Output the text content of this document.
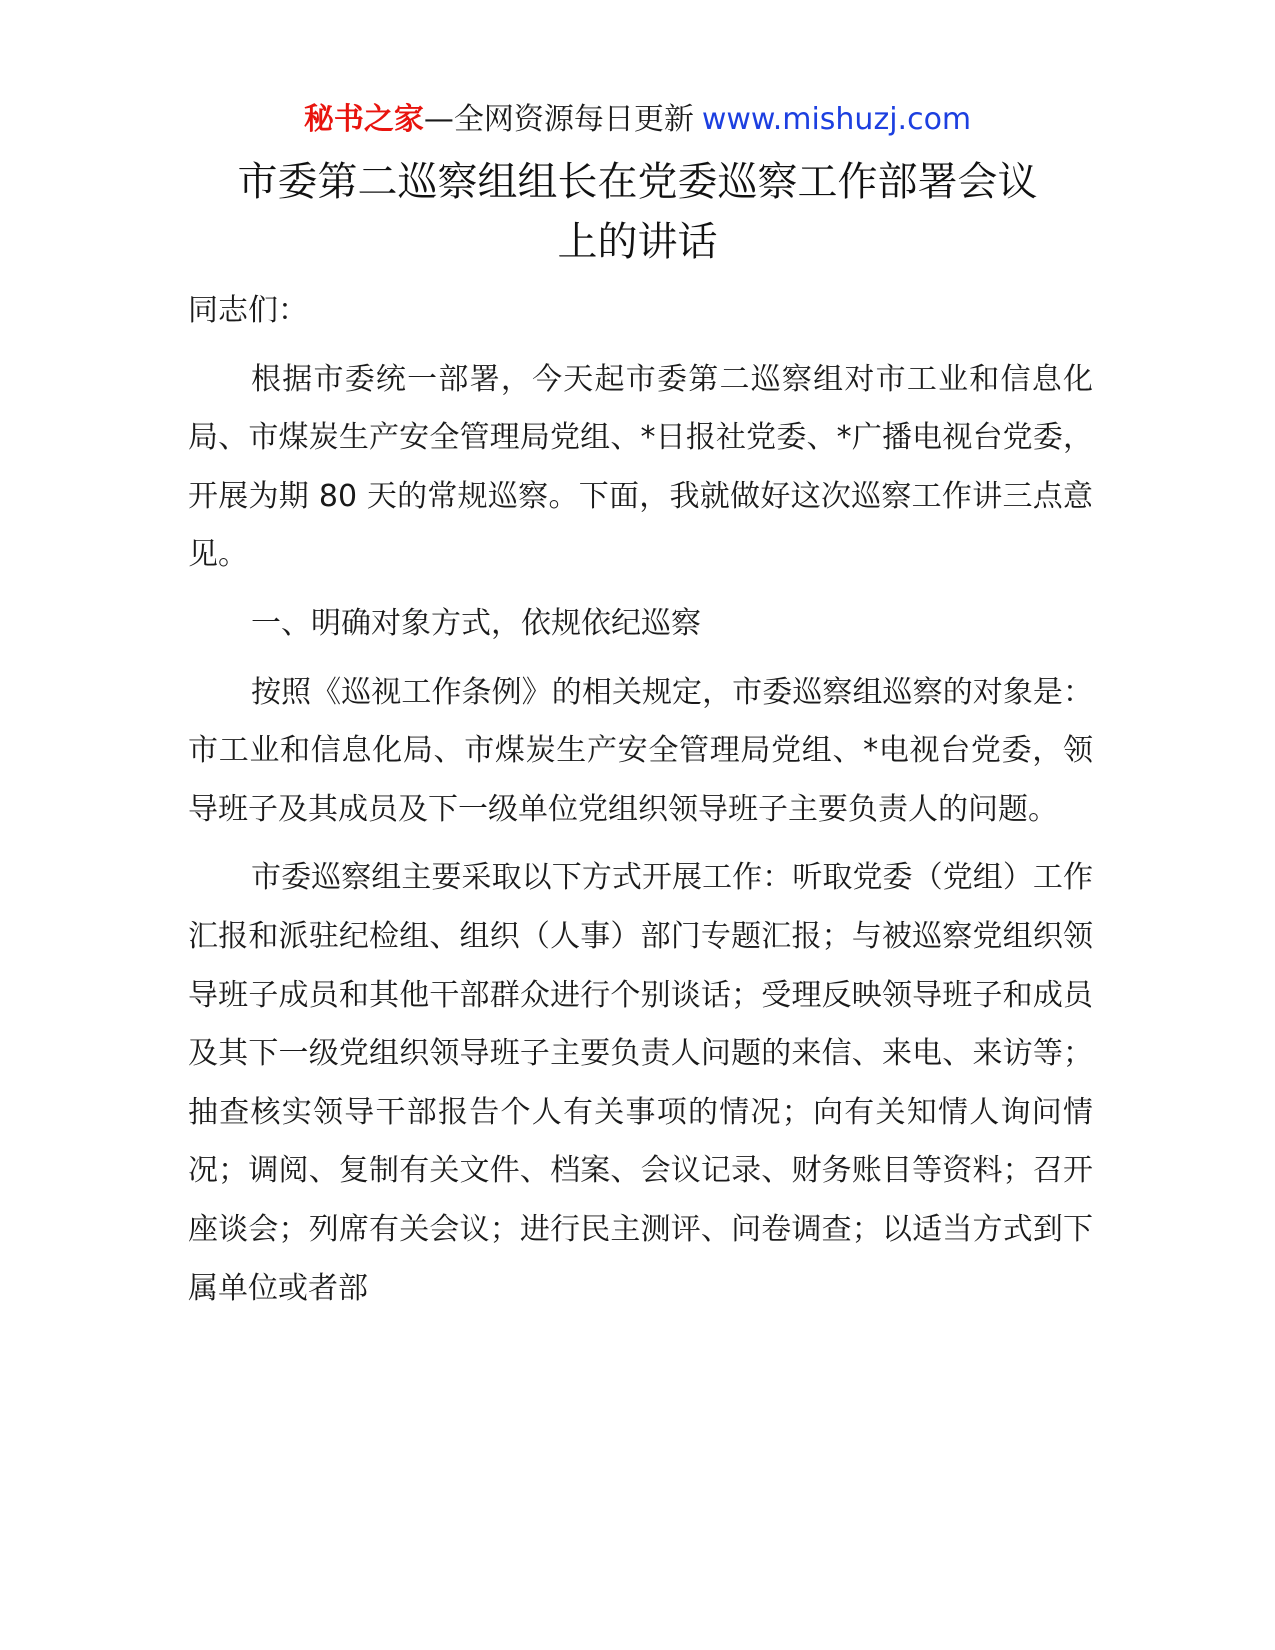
秘书之家—全网资源每日更新 www.mishuzj.com
市委第二巡察组组长在党委巡察工作部署会议
上的讲话

同志们：

根据市委统一部署，今天起市委第二巡察组对市工业和信息化局、市煤炭生产安全管理局党组、*日报社党委、*广播电视台党委，开展为期 80 天的常规巡察。下面，我就做好这次巡察工作讲三点意见。

一、明确对象方式，依规依纪巡察

按照《巡视工作条例》的相关规定，市委巡察组巡察的对象是：市工业和信息化局、市煤炭生产安全管理局党组、*电视台党委，领导班子及其成员及下一级单位党组织领导班子主要负责人的问题。

市委巡察组主要采取以下方式开展工作：听取党委（党组）工作汇报和派驻纪检组、组织（人事）部门专题汇报；与被巡察党组织领导班子成员和其他干部群众进行个别谈话；受理反映领导班子和成员及其下一级党组织领导班子主要负责人问题的来信、来电、来访等；抽查核实领导干部报告个人有关事项的情况；向有关知情人询问情况；调阅、复制有关文件、档案、会议记录、财务账目等资料；召开座谈会；列席有关会议；进行民主测评、问卷调查；以适当方式到下属单位或者部
